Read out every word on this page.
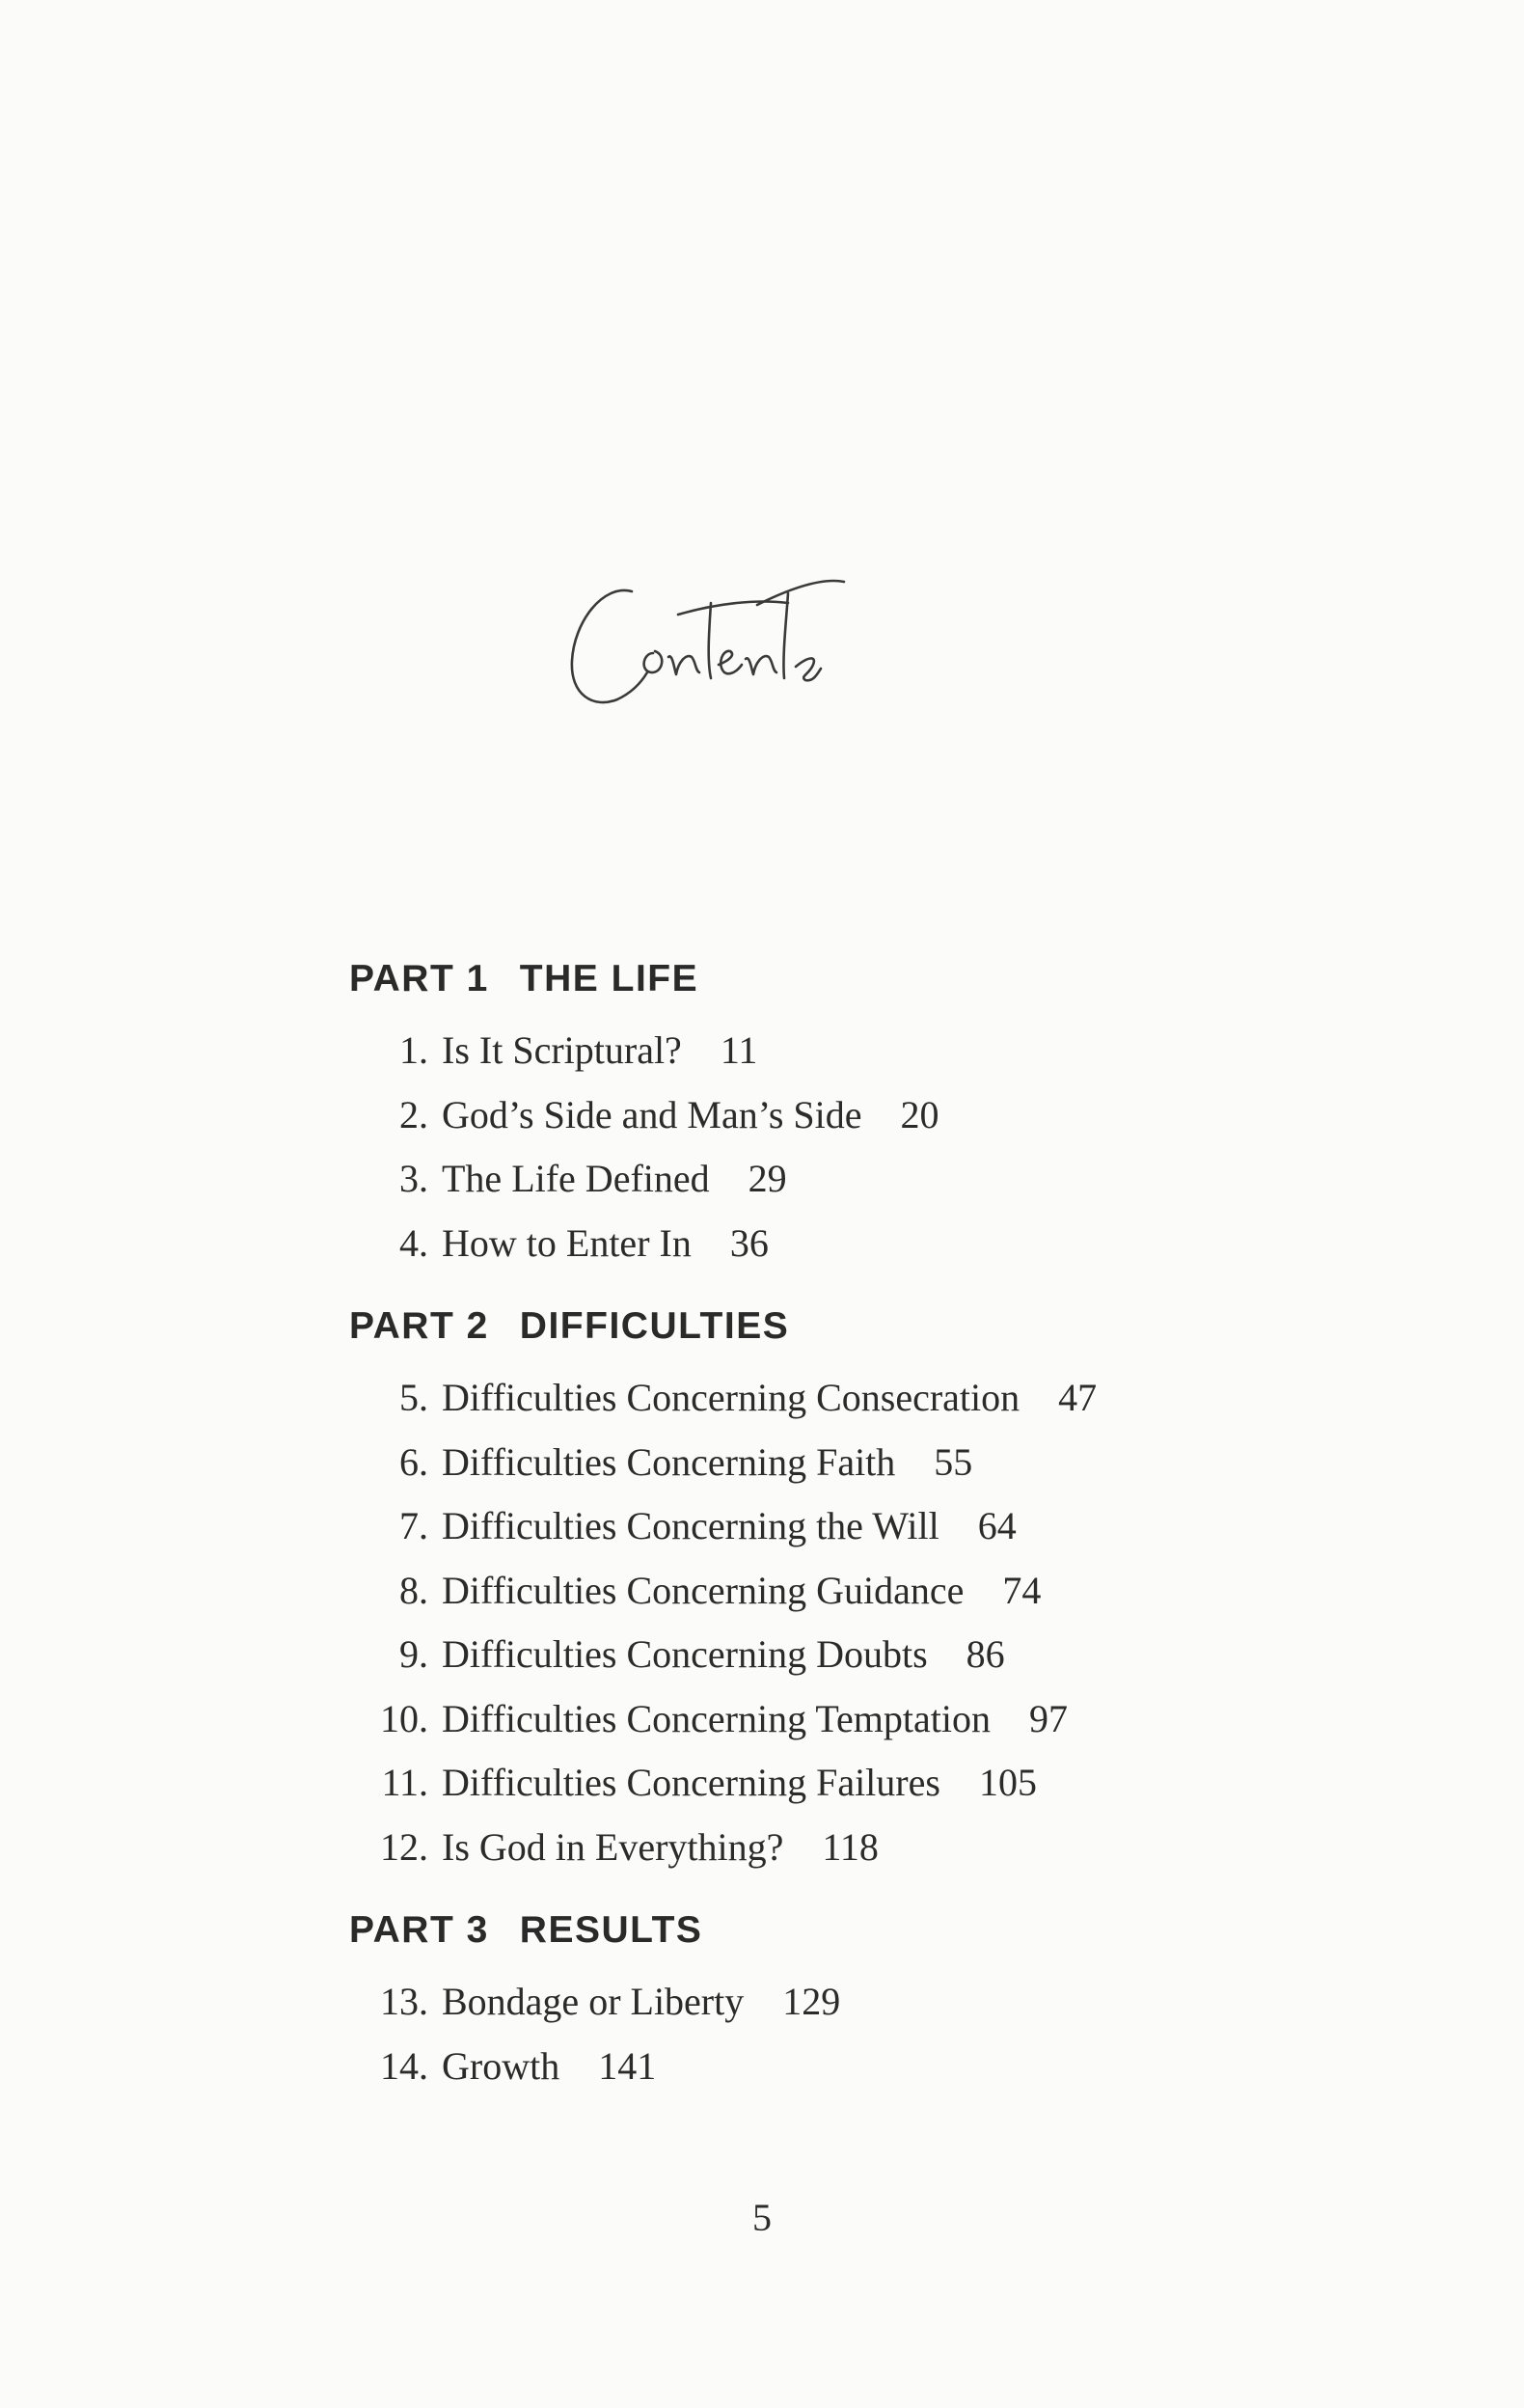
PART 1 THE LIFE
1. Is It Scriptural? 11
2. God’s Side and Man’s Side 20
3. The Life Defined 29
4. How to Enter In 36
PART 2 DIFFICULTIES
5. Difficulties Concerning Consecration 47
6. Difficulties Concerning Faith 55
7. Difficulties Concerning the Will 64
8. Difficulties Concerning Guidance 74
9. Difficulties Concerning Doubts 86
10. Difficulties Concerning Temptation 97
11. Difficulties Concerning Failures 105
12. Is God in Everything? 118
PART 3 RESULTS
13. Bondage or Liberty 129
14. Growth 141
5
